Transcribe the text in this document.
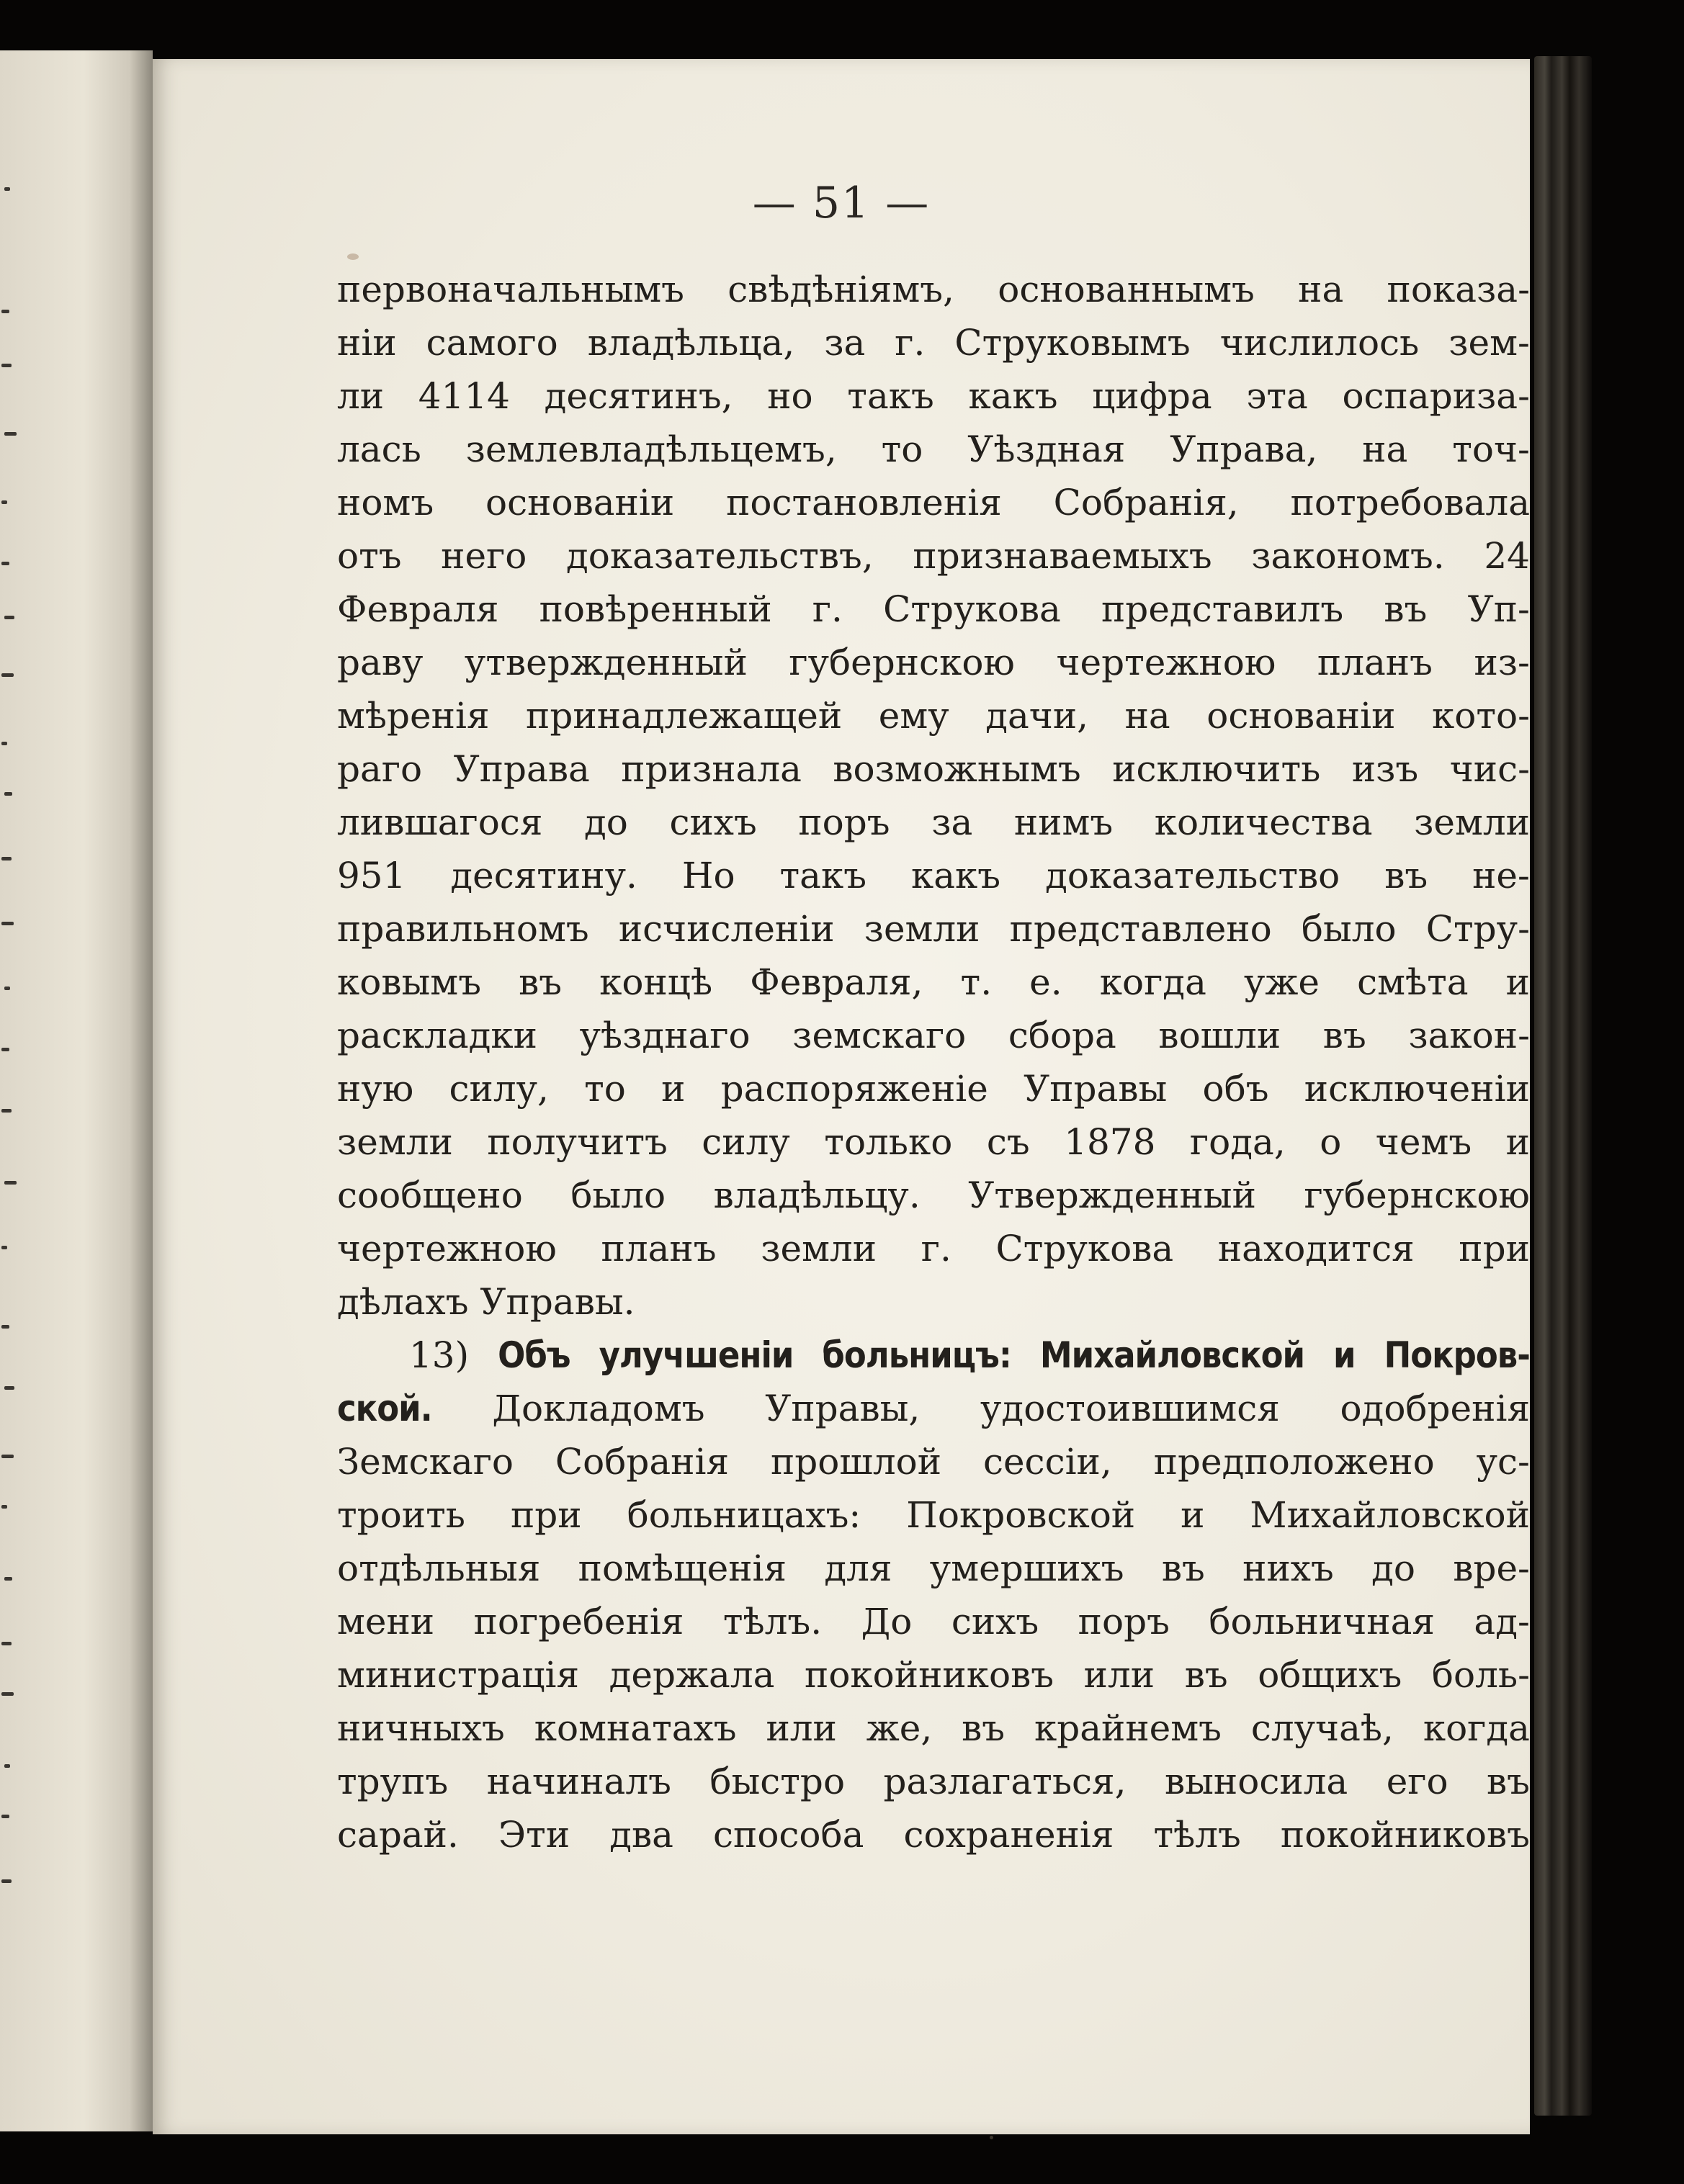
— 51 —
первоначальнымъ свѣдѣніямъ, основаннымъ на показа-
ніи самого владѣльца, за г. Струковымъ числилось зем-
ли 4114 десятинъ, но такъ какъ цифра эта оспариза-
лась землевладѣльцемъ, то Уѣздная Управа, на точ-
номъ основаніи постановленія Собранія, потребовала
отъ него доказательствъ, признаваемыхъ закономъ. 24
Февраля повѣренный г. Струкова представилъ въ Уп-
раву утвержденный губернскою чертежною планъ из-
мѣренія принадлежащей ему дачи, на основаніи кото-
раго Управа признала возможнымъ исключить изъ чис-
лившагося до сихъ поръ за нимъ количества земли
951 десятину. Но такъ какъ доказательство въ не-
правильномъ исчисленіи земли представлено было Стру-
ковымъ въ концѣ Февраля, т. е. когда уже смѣта и
раскладки уѣзднаго земскаго сбора вошли въ закон-
ную силу, то и распоряженіе Управы объ исключеніи
земли получитъ силу только съ 1878 года, о чемъ и
сообщено было владѣльцу. Утвержденный губернскою
чертежною планъ земли г. Струкова находится при
дѣлахъ Управы.
13) Объ улучшеніи больницъ: Михайловской и Покров-
ской. Докладомъ Управы, удостоившимся одобренія
Земскаго Собранія прошлой сессіи, предположено ус-
троить при больницахъ: Покровской и Михайловской
отдѣльныя помѣщенія для умершихъ въ нихъ до вре-
мени погребенія тѣлъ. До сихъ поръ больничная ад-
министрація держала покойниковъ или въ общихъ боль-
ничныхъ комнатахъ или же, въ крайнемъ случаѣ, когда
трупъ начиналъ быстро разлагаться, выносила его въ
сарай. Эти два способа сохраненія тѣлъ покойниковъ
